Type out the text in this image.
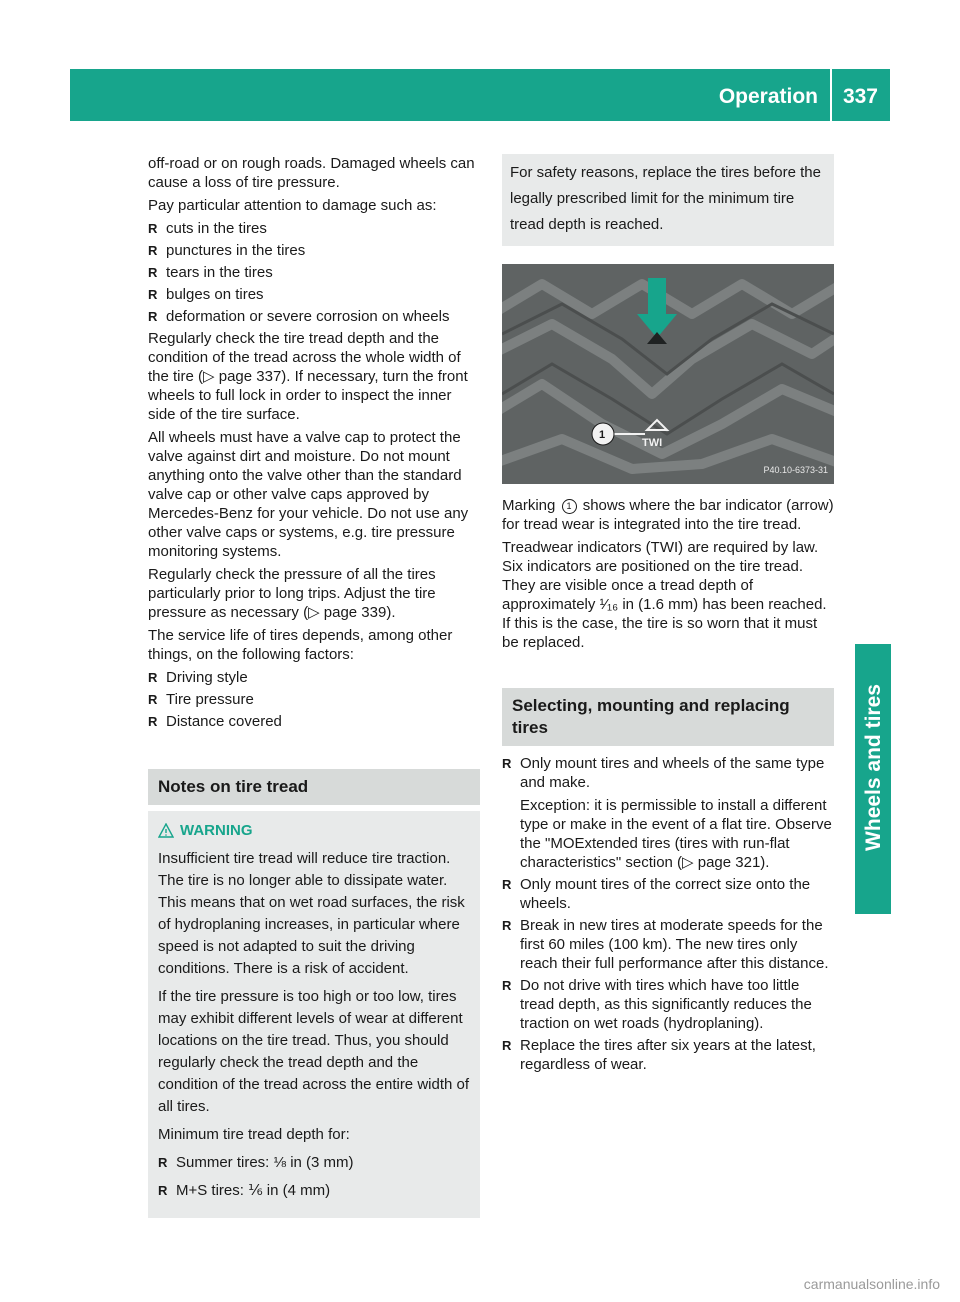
Operation 337
Wheels and tires

off-road or on rough roads. Damaged wheels can cause a loss of tire pressure.

Pay particular attention to damage such as:

R cuts in the tires
R punctures in the tires
R tears in the tires
R bulges on tires
R deformation or severe corrosion on wheels

Regularly check the tire tread depth and the condition of the tread across the whole width of the tire (▷ page 337). If necessary, turn the front wheels to full lock in order to inspect the inner side of the tire surface.

All wheels must have a valve cap to protect the valve against dirt and moisture. Do not mount anything onto the valve other than the standard valve cap or other valve caps approved by Mercedes-Benz for your vehicle. Do not use any other valve caps or systems, e.g. tire pressure monitoring systems.

Regularly check the pressure of all the tires particularly prior to long trips. Adjust the tire pressure as necessary (▷ page 339).

The service life of tires depends, among other things, on the following factors:

R Driving style
R Tire pressure
R Distance covered
Notes on tire tread
WARNING

Insufficient tire tread will reduce tire traction. The tire is no longer able to dissipate water. This means that on wet road surfaces, the risk of hydroplaning increases, in particular where speed is not adapted to suit the driving conditions. There is a risk of accident.

If the tire pressure is too high or too low, tires may exhibit different levels of wear at different locations on the tire tread. Thus, you should regularly check the tread depth and the condition of the tread across the entire width of all tires.

Minimum tire tread depth for:

R Summer tires: ⅛ in (3 mm)
R M+S tires: ⅙ in (4 mm)
For safety reasons, replace the tires before the legally prescribed limit for the minimum tire tread depth is reached.
TWI
1
P40.10-6373-31

Marking 1 shows where the bar indicator (arrow) for tread wear is integrated into the tire tread.

Treadwear indicators (TWI) are required by law. Six indicators are positioned on the tire tread. They are visible once a tread depth of approximately ¹⁄₁₆ in (1.6 mm) has been reached. If this is the case, the tire is so worn that it must be replaced.

Selecting, mounting and replacing tires
R Only mount tires and wheels of the same type and make.
Exception: it is permissible to install a different type or make in the event of a flat tire. Observe the "MOExtended tires (tires with run-flat characteristics" section (▷ page 321).
R Only mount tires of the correct size onto the wheels.
R Break in new tires at moderate speeds for the first 60 miles (100 km). The new tires only reach their full performance after this distance.
R Do not drive with tires which have too little tread depth, as this significantly reduces the traction on wet roads (hydroplaning).
R Replace the tires after six years at the latest, regardless of wear.
carmanualsonline.info
